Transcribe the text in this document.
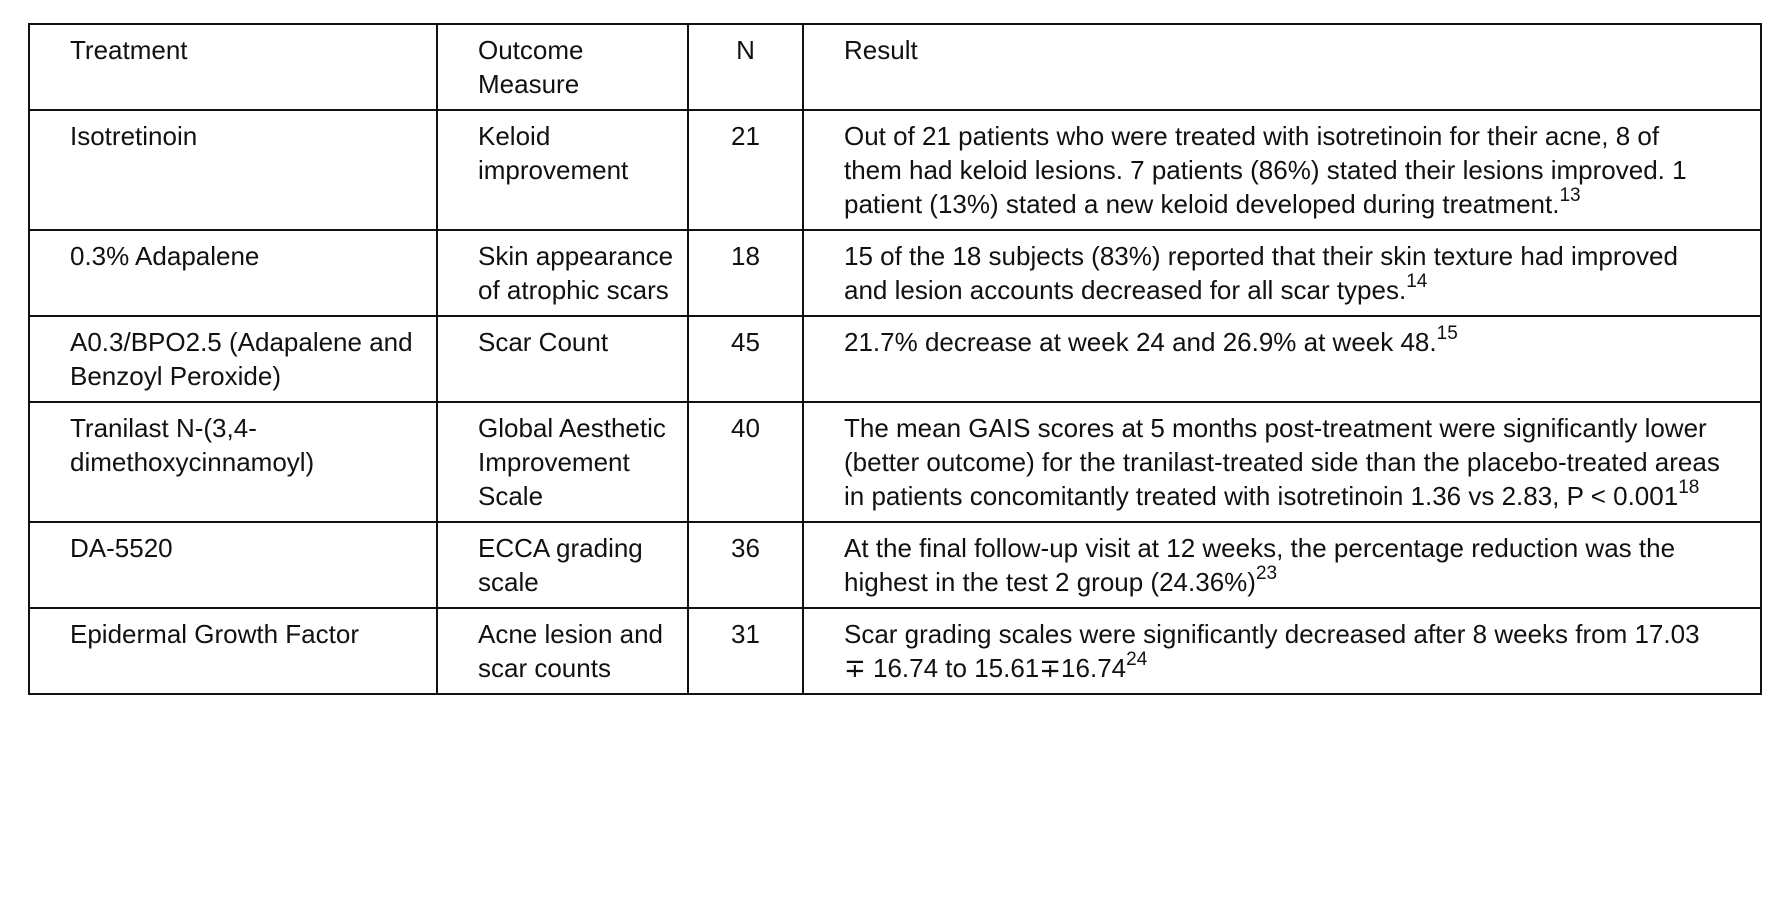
Treatment	Outcome Measure	N	Result
Isotretinoin	Keloid improvement	21	Out of 21 patients who were treated with isotretinoin for their acne, 8 of them had keloid lesions. 7 patients (86%) stated their lesions improved. 1 patient (13%) stated a new keloid developed during treatment.$^{13}$
0.3% Adapalene	Skin appearance of atrophic scars	18	15 of the 18 subjects (83%) reported that their skin texture had improved and lesion accounts decreased for all scar types.$^{14}$
A0.3/BPO2.5 (Adapalene and Benzoyl Peroxide)	Scar Count	45	21.7% decrease at week 24 and 26.9% at week 48.15
Tranilast N-(3,4-dimethoxycinnamoyl)	Global Aesthetic Improvement Scale	40	The mean GAIS scores at 5 months post-treatment were significantly lower (better outcome) for the tranilast-treated side than the placebo-treated areas in patients concomitantly treated with isotretinoin 1.36 vs 2.83, $P < 0.001^{18}$
DA-5520	ECCA grading scale	36	At the final follow-up visit at 12 weeks, the percentage reduction was the highest in the test 2 group $(24.36\%)^{23}$
Epidermal Growth Factor	Acne lesion and scar counts	31	Scar grading scales were significantly decreased after 8 weeks from 17.03 ∓ 16.74 to $15.61\mp 16.74^{24}$
